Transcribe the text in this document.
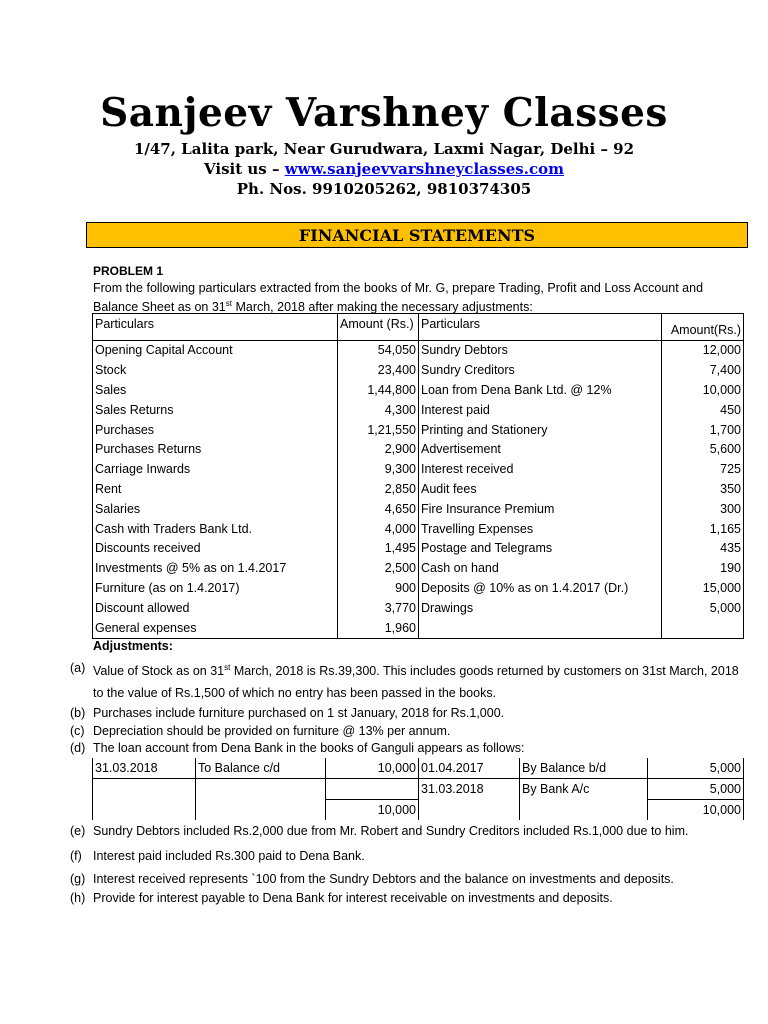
Sanjeev Varshney Classes
1/47, Lalita park, Near Gurudwara, Laxmi Nagar, Delhi – 92
Visit us – www.sanjeevvarshneyclasses.com
Ph. Nos. 9910205262, 9810374305
FINANCIAL STATEMENTS
PROBLEM 1
From the following particulars extracted from the books of Mr. G, prepare Trading, Profit and Loss Account and Balance Sheet as on 31st March, 2018 after making the necessary adjustments:
Particulars	Amount (Rs.)	Particulars	Amount(Rs.)
Opening Capital Account	54,050	Sundry Debtors	12,000
Stock	23,400	Sundry Creditors	7,400
Sales	1,44,800	Loan from Dena Bank Ltd. @ 12%	10,000
Sales Returns	4,300	Interest paid	450
Purchases	1,21,550	Printing and Stationery	1,700
Purchases Returns	2,900	Advertisement	5,600
Carriage Inwards	9,300	Interest received	725
Rent	2,850	Audit fees	350
Salaries	4,650	Fire Insurance Premium	300
Cash with Traders Bank Ltd.	4,000	Travelling Expenses	1,165
Discounts received	1,495	Postage and Telegrams	435
Investments @ 5% as on 1.4.2017	2,500	Cash on hand	190
Furniture (as on 1.4.2017)	900	Deposits @ 10% as on 1.4.2017 (Dr.)	15,000
Discount allowed	3,770	Drawings	5,000
General expenses	1,960		
Adjustments:
(a) Value of Stock as on 31st March, 2018 is Rs.39,300. This includes goods returned by customers on 31st March, 2018 to the value of Rs.1,500 of which no entry has been passed in the books.
(b) Purchases include furniture purchased on 1 st January, 2018 for Rs.1,000.
(c) Depreciation should be provided on furniture @ 13% per annum.
(d) The loan account from Dena Bank in the books of Ganguli appears as follows:
31.03.2018	To Balance c/d	10,000	01.04.2017	By Balance b/d	5,000
			31.03.2018	By Bank A/c	5,000
		10,000			10,000
(e) Sundry Debtors included Rs.2,000 due from Mr. Robert and Sundry Creditors included Rs.1,000 due to him.
(f) Interest paid included Rs.300 paid to Dena Bank.
(g) Interest received represents `100 from the Sundry Debtors and the balance on investments and deposits.
(h) Provide for interest payable to Dena Bank for interest receivable on investments and deposits.
